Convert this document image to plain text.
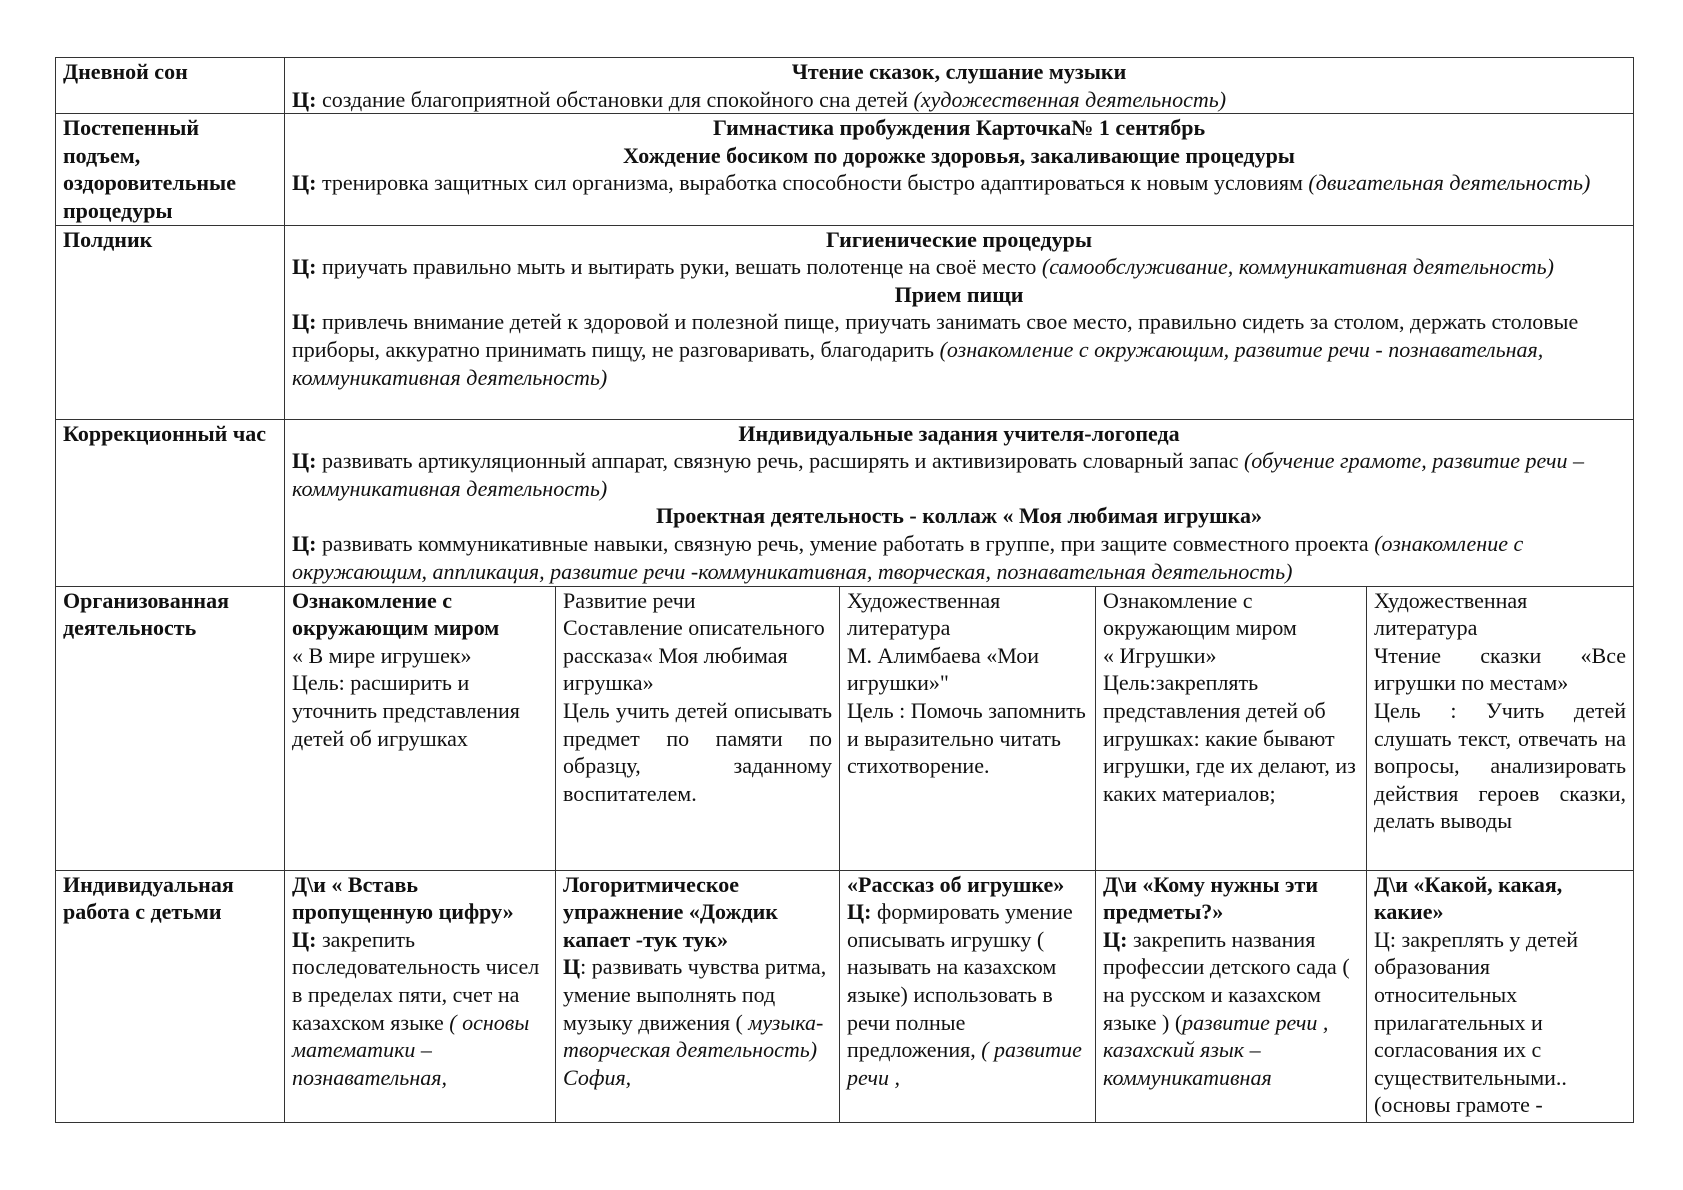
Дневной сон	Чтение сказок, слушание музыки
Ц: создание благоприятной обстановки для спокойного сна детей (художественная деятельность)				

Постепенный подъем, оздоровительные процедуры	Гимнастика пробуждения Карточка№ 1 сентябрь
Хождение босиком по дорожке здоровья, закаливающие процедуры
Ц: тренировка защитных сил организма, выработка способности быстро адаптироваться к новым условиям (двигательная деятельность)				

Полдник	Гигиенические процедуры
Ц: приучать правильно мыть и вытирать руки, вешать полотенце на своё место (самообслуживание, коммуникативная деятельность)
Прием пищи
Ц: привлечь внимание детей к здоровой и полезной пище, приучать занимать свое место, правильно сидеть за столом, держать столовые приборы, аккуратно принимать пищу, не разговаривать, благодарить (ознакомление с окружающим, развитие речи - познавательная, коммуникативная деятельность)				

Коррекционный час	Индивидуальные задания учителя-логопеда
Ц: развивать артикуляционный аппарат, связную речь, расширять и активизировать словарный запас (обучение грамоте, развитие речи – коммуникативная деятельность)
Проектная деятельность - коллаж « Моя любимая игрушка»
Ц: развивать коммуникативные навыки, связную речь, умение работать в группе, при защите совместного проекта (ознакомление с окружающим, аппликация, развитие речи -коммуникативная, творческая, познавательная деятельность)				

Организованная деятельность	Ознакомление с окружающим миром
« В мире игрушек»
Цель: расширить и уточнить представления детей об игрушках	Развитие речи
Составление описательного рассказа« Моя любимая игрушка»
Цель учить детей описывать предмет по памяти по образцу, заданному воспитателем.	Художественная литература
М. Алимбаева «Мои игрушки»"
Цель : Помочь запомнить и выразительно читать стихотворение.	Ознакомление с окружающим миром
« Игрушки»
Цель:закреплять представления детей об игрушках: какие бывают игрушки, где их делают, из каких материалов;	Художественная литература
Чтение сказки «Все игрушки по местам»
Цель : Учить детей слушать текст, отвечать на вопросы, анализировать действия героев сказки, делать выводы

Индивидуальная работа с детьми	Д\и « Вставь пропущенную цифру»
Ц: закрепить последовательность чисел в пределах пяти, счет на казахском языке ( основы математики – познавательная,	Логоритмическое упражнение «Дождик капает -тук тук»
Ц: развивать чувства ритма, умение выполнять под музыку движения ( музыка-творческая деятельность) София,	«Рассказ об игрушке»
Ц: формировать умение описывать игрушку ( называть на казахском языке) использовать в речи полные предложения, ( развитие речи ,	Д\и «Кому нужны эти предметы?»
Ц: закрепить названия профессии детского сада ( на русском и казахском языке ) (развитие речи , казахский язык – коммуникативная	Д\и «Какой, какая, какие»
Ц: закреплять у детей образования относительных прилагательных и согласования их с существительными.. (основы грамоте -
